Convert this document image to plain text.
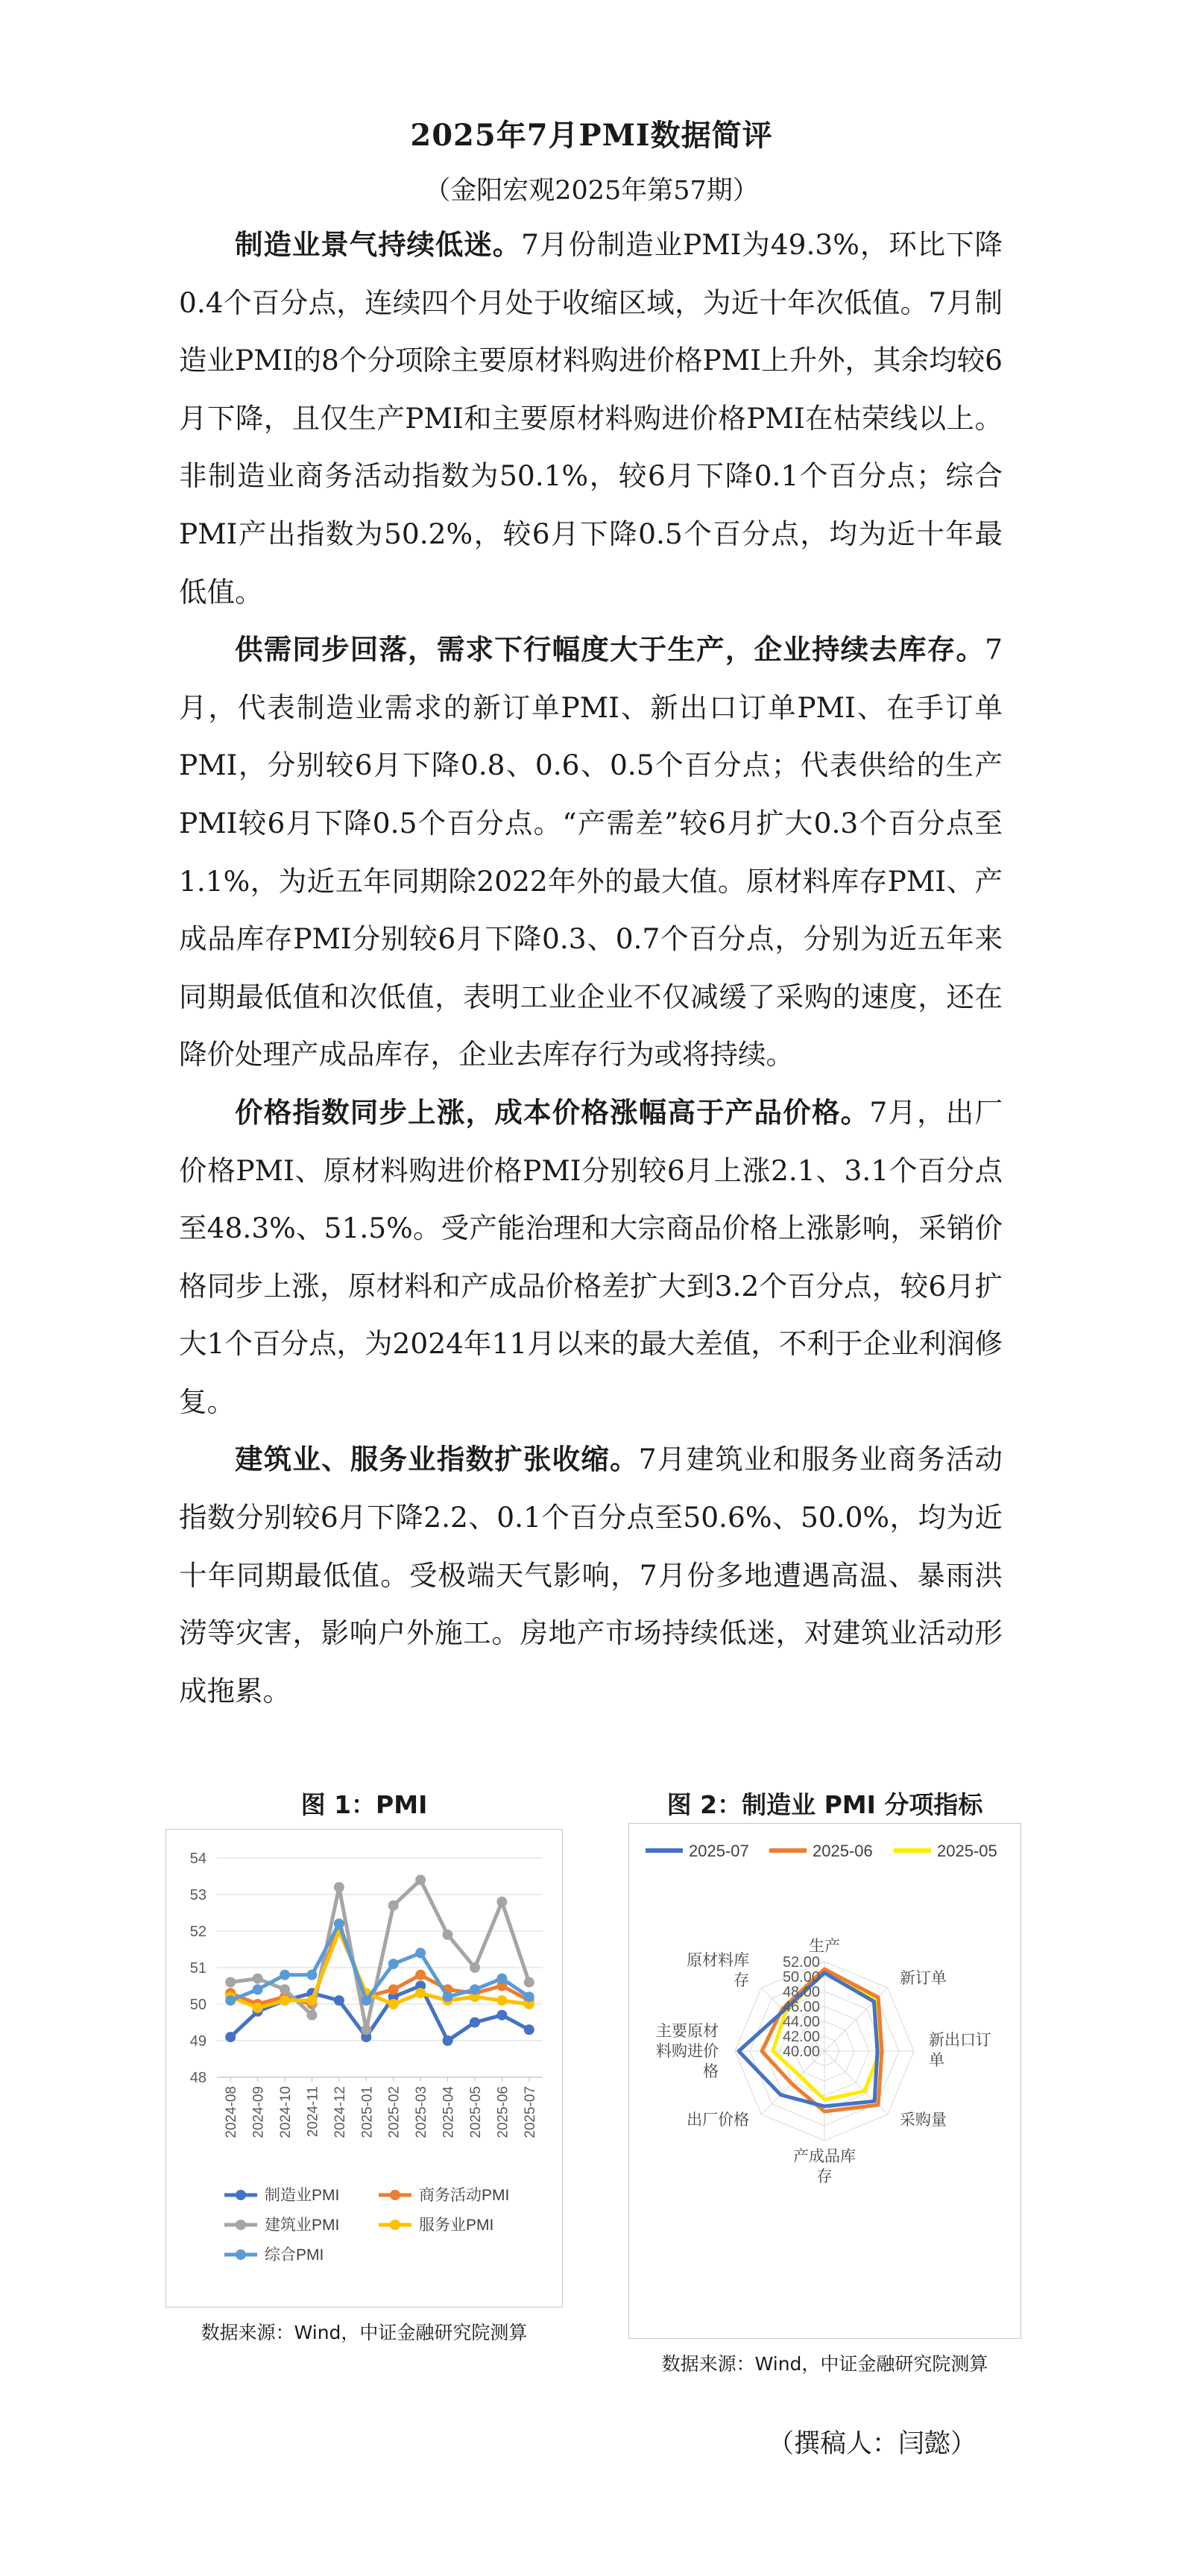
2025年7月PMI数据简评
（金阳宏观2025年第57期）

制造业景气持续低迷。7月份制造业PMI为49.3%，环比下降0.4个百分点，连续四个月处于收缩区域，为近十年次低值。7月制造业PMI的8个分项除主要原材料购进价格PMI上升外，其余均较6月下降，且仅生产PMI和主要原材料购进价格PMI在枯荣线以上。非制造业商务活动指数为50.1%，较6月下降0.1个百分点；综合PMI产出指数为50.2%，较6月下降0.5个百分点，均为近十年最低值。

供需同步回落，需求下行幅度大于生产，企业持续去库存。7月，代表制造业需求的新订单PMI、新出口订单PMI、在手订单PMI，分别较6月下降0.8、0.6、0.5个百分点；代表供给的生产PMI较6月下降0.5个百分点。“产需差”较6月扩大0.3个百分点至1.1%，为近五年同期除2022年外的最大值。原材料库存PMI、产成品库存PMI分别较6月下降0.3、0.7个百分点，分别为近五年来同期最低值和次低值，表明工业企业不仅减缓了采购的速度，还在降价处理产成品库存，企业去库存行为或将持续。

价格指数同步上涨，成本价格涨幅高于产品价格。7月，出厂价格PMI、原材料购进价格PMI分别较6月上涨2.1、3.1个百分点至48.3%、51.5%。受产能治理和大宗商品价格上涨影响，采销价格同步上涨，原材料和产成品价格差扩大到3.2个百分点，较6月扩大1个百分点，为2024年11月以来的最大差值，不利于企业利润修复。

建筑业、服务业指数扩张收缩。7月建筑业和服务业商务活动指数分别较6月下降2.2、0.1个百分点至50.6%、50.0%，均为近十年同期最低值。受极端天气影响，7月份多地遭遇高温、暴雨洪涝等灾害，影响户外施工。房地产市场持续低迷，对建筑业活动形成拖累。

图 1：PMI
48
49
50
51
52
53
54
2024-08 2024-09 2024-10 2024-11 2024-12 2025-01 2025-02 2025-03 2025-04 2025-05 2025-06 2025-07
制造业PMI	商务活动PMI
建筑业PMI	服务业PMI
综合PMI
数据来源：Wind，中证金融研究院测算
图 2：制造业 PMI 分项指标
2025-07	2025-06	2025-05
40.00
42.00
44.00
46.00
48.00
50.00
52.00
生产
新订单
新出口订单
采购量
产成品库存
出厂价格
主要原材料购进价格
原材料库存
数据来源：Wind，中证金融研究院测算
（撰稿人：闫懿）
